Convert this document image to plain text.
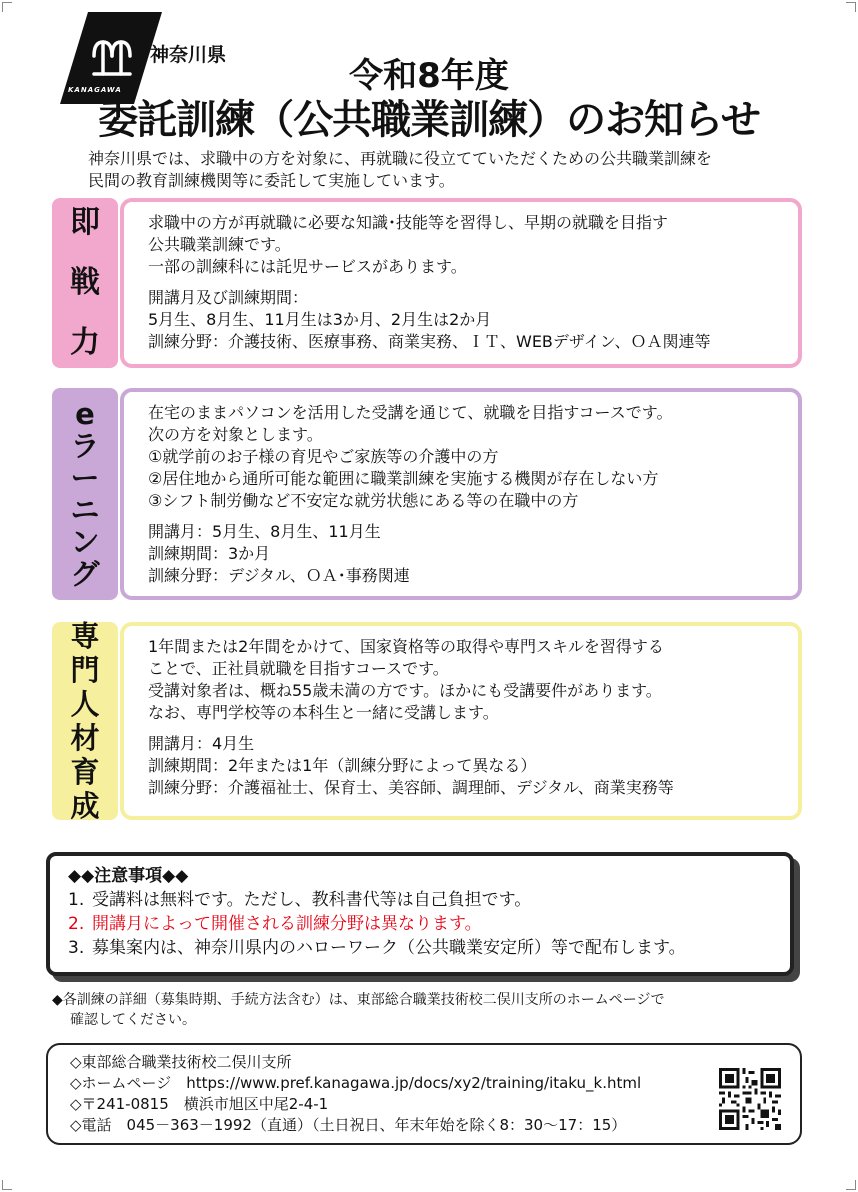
KANAGAWA
神奈川県
令和8年度
委託訓練（公共職業訓練）のお知らせ
神奈川県では、求職中の方を対象に、再就職に役立てていただくための公共職業訓練を
民間の教育訓練機関等に委託して実施しています。
即
戦
力
求職中の方が再就職に必要な知識･技能等を習得し、早期の就職を目指す
公共職業訓練です。
一部の訓練科には託児サービスがあります。
開講月及び訓練期間：
5月生、8月生、11月生は3か月、2月生は2か月
訓練分野：介護技術、医療事務、商業実務、ＩＴ、WEBデザイン、ＯＡ関連等
e
ラ
ー
ニ
ン
グ
在宅のままパソコンを活用した受講を通じて、就職を目指すコースです。
次の方を対象とします。
①就学前のお子様の育児やご家族等の介護中の方
②居住地から通所可能な範囲に職業訓練を実施する機関が存在しない方
③シフト制労働など不安定な就労状態にある等の在職中の方
開講月：5月生、8月生、11月生
訓練期間：3か月
訓練分野：デジタル、ＯＡ･事務関連
専
門
人
材
育
成
1年間または2年間をかけて、国家資格等の取得や専門スキルを習得する
ことで、正社員就職を目指すコースです。
受講対象者は、概ね55歳未満の方です。ほかにも受講要件があります。
なお、専門学校等の本科生と一緒に受講します。
開講月：4月生
訓練期間：2年または1年（訓練分野によって異なる）
訓練分野：介護福祉士、保育士、美容師、調理師、デジタル、商業実務等
◆◆注意事項◆◆
1. 受講料は無料です。ただし、教科書代等は自己負担です。
2. 開講月によって開催される訓練分野は異なります。
3. 募集案内は、神奈川県内のハローワーク（公共職業安定所）等で配布します。
◆各訓練の詳細（募集時期、手続方法含む）は、東部総合職業技術校二俣川支所のホームページで
確認してください。
◇東部総合職業技術校二俣川支所
◇ホームページ　https://www.pref.kanagawa.jp/docs/xy2/training/itaku_k.html
◇〒241-0815　横浜市旭区中尾2-4-1
◇電話　045－363－1992（直通）（土日祝日、年末年始を除く8：30～17：15）
